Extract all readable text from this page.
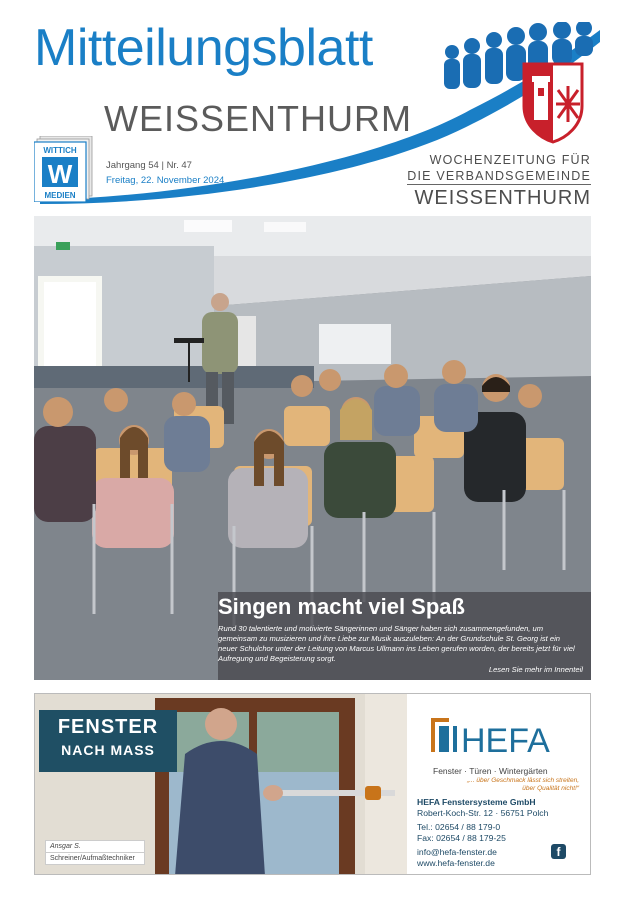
Mitteilungsblatt
WEISSENTHURM
WITTICH
W
MEDIEN
Jahrgang 54 | Nr. 47
Freitag, 22. November 2024
WOCHENZEITUNG FÜR
DIE VERBANDSGEMEINDE
WEISSENTHURM
Singen macht viel Spaß
Rund 30 talentierte und motivierte Sängerinnen und Sänger haben sich zusammengefunden, um gemeinsam zu musizieren und ihre Liebe zur Musik auszuleben: An der Grundschule St. Georg ist ein neuer Schulchor unter der Leitung von Marcus Ullmann ins Leben gerufen worden, der bereits jetzt für viel Aufregung und Begeisterung sorgt.
Lesen Sie mehr im Innenteil
FENSTER
NACH MASS
Ansgar S.
Schreiner/Aufmaßtechniker
HEFA
Fenster · Türen · Wintergärten
„... über Geschmack lässt sich streiten,
über Qualität nicht!“
HEFA Fenstersysteme GmbH
Robert-Koch-Str. 12 · 56751 Polch
Tel.: 02654 / 88 179-0
Fax: 02654 / 88 179-25
info@hefa-fenster.de
www.hefa-fenster.de
f
